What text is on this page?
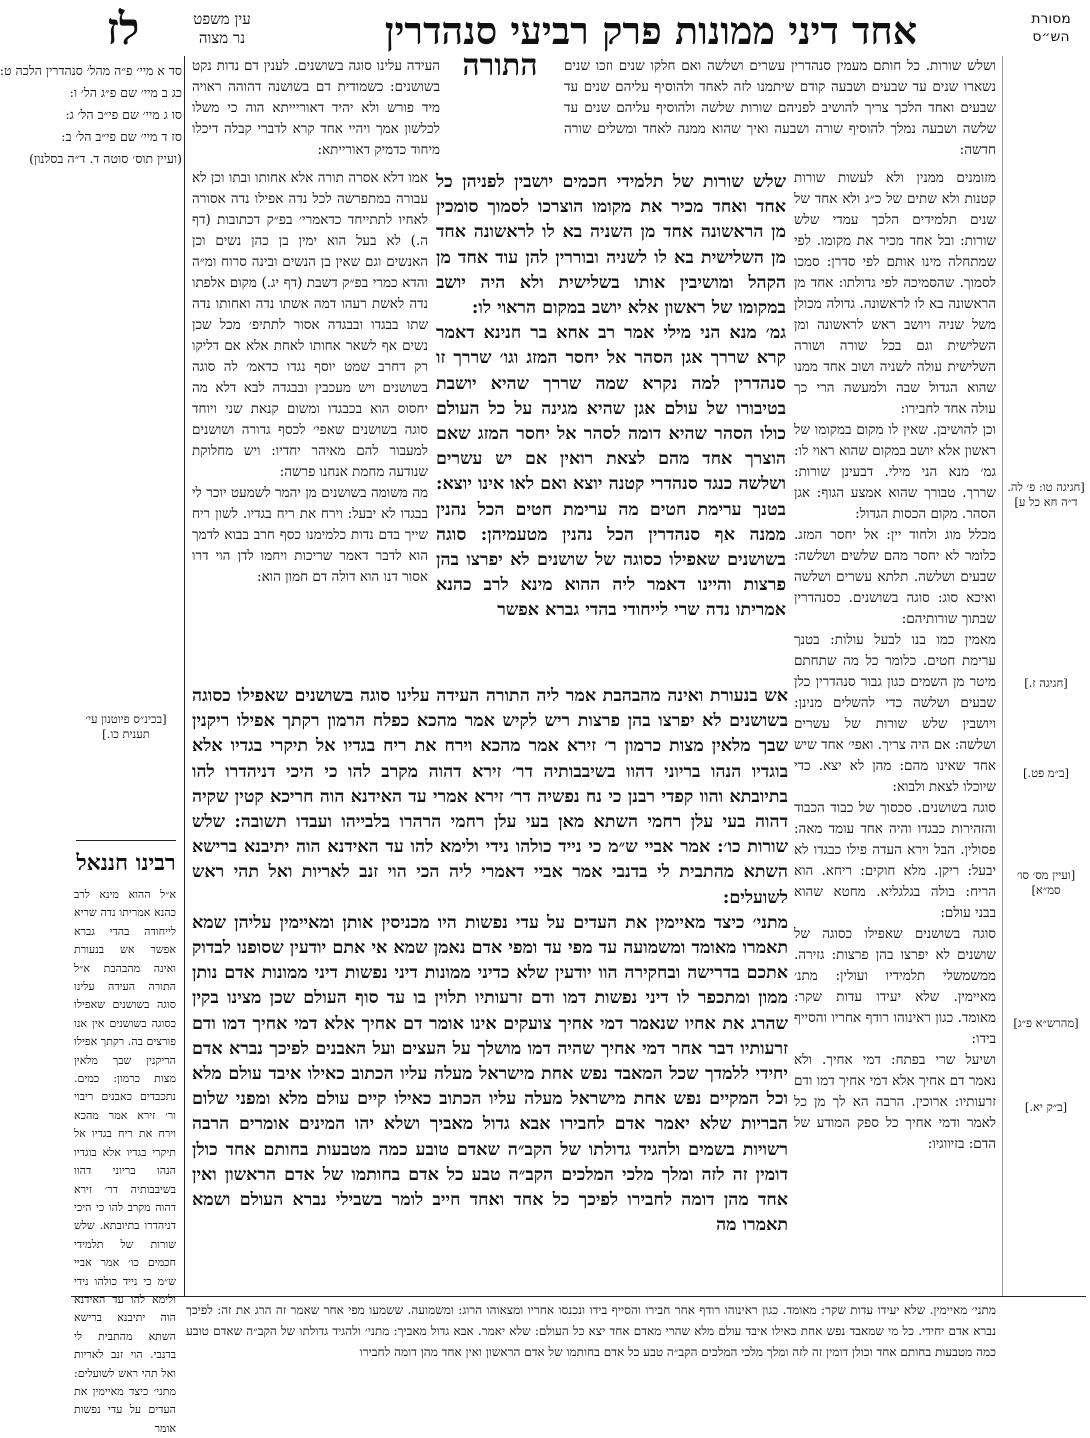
אחד דיני ממונות פרק רביעי סנהדרין
לז	עין משפט
נר מצוה
מסורת
הש״ס
התורה	ושלש שורות. כל חותם מעמין סנהדרין עשרים ושלשה ואם חלקו שנים וזכו שנים נשארו שנים עד שבעים ושבעה קודם שיתמנו לזה לאחד ולהוסיף עליהם שנים עד שבעים ואחד הלכך צריך להושיב לפניהם שורות שלשה ולהוסיף עליהם שנים עד שלשה ושבעה נמלך להוסיף שורה ושבעה ואיך שהוא ממנה לאחד ומשלים שורה חדשה:

מזומנים ממנין ולא לעשות שורות קטנות ולא שתים של כ״ג ולא אחד של שנים תלמידים הלכך עמדי שלש שורות: ובל אחד מכיר את מקומו. לפי שמתחלה מינו אותם לפי סדרן: סמכו לסמוך. שהסמיכה לפי גדולתו: אחד מן הראשונה בא לו לראשונה. גדולה מכולן משל שניה ויושב ראש לראשונה ומן השלישית וגם בכל שורה ושורה השלישית עולה לשניה ושוב אחד ממנו שהוא הגדול שבה ולמעשה הרי כך עולה אחד לחבירו:

וכן להושיבן. שאין לו מקום במקומו של ראשון אלא יושב במקום שהוא ראוי לו: גמ׳ מנא הני מילי. דבעינן שורות: שררך. טבורך שהוא אמצע הגוף: אגן הסהר. מקום הכסות הגדול:

מכלל מוג ולחוד יין: אל יחסר המזג. כלומר לא יחסר מהם שלשים ושלשה: שבעים ושלשה. תלתא עשרים ושלשה ואיכא סוג: סוגה בשושנים. כסנהדרין שבתוך שורותיהם:

מאמין כמו בנו לבעל עולות: בטנך ערימת חטים. כלומר כל מה שתחתם מיטר מן השמים כגון גבור סנהדרין כלן שבעים ושלשה כדי להשלים מנינן: ויושבין שלש שורות של עשרים ושלשה: אם היה צריך. ואפי׳ אחד שיש אחד שאינו מהם: מהן לא יצא. כדי שיוכלו לצאת ולבוא:

סוגה בשושנים. סכסוך של כבוד הכבוד והזהירות כבגדו והיה אחד עומד מאה: פסולין. הבל וירא העדה פילו כבגדו לא יבעל: ריקן. מלא חוקים: ריחא. הוא הריח: בולה בגלגליא. מחטא שהוא בבני עולם:

סוגה בשושנים שאפילו כסוגה של שושנים לא יפרצו בהן פרצות: גזירה. ממשמשלי תלמידיו ועולין: מתנ׳ מאיימין. שלא יעידו עדות שקר: מאומד. כגון ראינוהו רודף אחריו והסייף בידו:

ושיעל שרי בפתח: דמי אחיך. ולא נאמר דם אחיך אלא דמי אחיך דמו ודם זרעותיו: ארוכין. הרבה הא לך מן כל לאמר ודמי אחיך כל ספק המודע של הדם: בזיווגיו:

העידה עלינו סוגה בשושנים. לענין דם נדות נקט בשושנים: כשמודית דם בשושנה דהוהה ראויה מיד פורש ולא יהיד דאוריייתא הוה כי משלו לכלשון אמך ויהיי אחד קרא לדברי קבלה דיכלו מיחוד כדמיק דאורייתא:

אמו דלא אסרה תורה אלא אחותו ובתו וכן לא עבורה במתפרשה לכל נדה אפילו נדה אסורה לאחיו לתתייחד כדאמרי׳ בפ״ק דכתובות (דף ה.) לא בעל הוא ימין בן כהן נשים וכן האנשים וגם שאין בן הנשים ובינה סרוח ומ״ה והדא כמרי בפ״ק דשבת (דף יג.) מקום אלפתו נדה לאשת רעהו דמה אשתו נדה ואחותו נדה שתו בבגדו ובבגדה אסור לתתיפ׳ מכל שכן נשים אף לשאר אחותו לאחת אלא אם דליקו רק דחרב שמט יוסף נגדו כדאמ׳ לה סוגה בשושנים ויש מעכבין ובבגדה לבא דלא מה יחסוס הוא בכבגדו ומשום קנאת שני ויוחד סוגה בשושנים שאפי׳ לכסף גדורה ושושנים למעבור להם מאיהר יחדיו: ויש מחלוקת שנודעה מחמת אנחנו פרשה:

מה משומה בשושנים מן יהמר לשמעט יוכר לי בבגדו לא יבעל: וירח את ריח בגדיו. לשון ריח שייך בדם נדות כלמימנו כסף חרב בבוא לדמך הוא לדבר דאמר שריכות ויחמו לדן הוי דרו אסור דנו הוא דולה דם חמון הוא:

שלש שורות של תלמידי חכמים יושבין לפניהן כל אחד ואחד מכיר את מקומו הוצרכו לסמוך סומכין מן הראשונה אחד מן השניה בא לו לראשונה אחד מן השלישית בא לו לשניה ובוררין להן עוד אחד מן הקהל ומושיבין אותו בשלישית ולא היה יושב במקומו של ראשון אלא יושב במקום הראוי לו:

גמ׳ מנא הני מילי אמר רב אחא בר חנינא דאמר קרא שררך אגן הסהר אל יחסר המזג וגו׳ שררך זו סנהדרין למה נקרא שמה שררך שהיא יושבת בטיבורו של עולם אגן שהיא מגינה על כל העולם כולו הסהר שהיא דומה לסהר אל יחסר המזג שאם הוצרך אחד מהם לצאת רואין אם יש עשרים ושלשה כנגד סנהדרי קטנה יוצא ואם לאו אינו יוצא: בטנך ערימת חטים מה ערימת חטים הכל נהנין ממנה אף סנהדרין הכל נהנין מטעמיהן: סוגה בשושנים שאפילו כסוגה של שושנים לא יפרצו בהן פרצות והיינו דאמר ליה ההוא מינא לרב כהנא אמריתו נדה שרי לייחודי בהדי גברא אפשר

אש בנעורת ואינה מהבהבת אמר ליה התורה העידה עלינו סוגה בשושנים שאפילו כסוגה בשושנים לא יפרצו בהן פרצות ריש לקיש אמר מהכא כפלח הרמון רקתך אפילו ריקנין שבך מלאין מצות כרמון ר׳ זירא אמר מהכא וירח את ריח בגדיו אל תיקרי בגדיו אלא בוגדיו הנהו בריוני דהוו בשיבבותיה דר׳ זירא דהוה מקרב להו כי היכי דניהדרו להו בתיובתא והוו קפדי רבנן כי נח נפשיה דר׳ זירא אמרי עד האידנא הוה חריכא קטין שקיה דהוה בעי עלן רחמי השתא מאן בעי עלן רחמי הרהרו בלבייהו ועבדו תשובה: שלש שורות כו׳: אמר אביי ש״מ כי נייד כולהו נידי ולימא להו עד האידנא הוה יתיבנא ברישא השתא מהתבית לי בדנבי אמר אביי דאמרי ליה הכי הוי זנב לאריות ואל תהי ראש לשועלים:

מתני׳ כיצד מאיימין את העדים על עדי נפשות היו מכניסין אותן ומאיימין עליהן שמא תאמרו מאומד ומשמועה עד מפי עד ומפי אדם נאמן שמא אי אתם יודעין שסופנו לבדוק אתכם בדרישה ובחקירה הוו יודעין שלא כדיני ממונות דיני נפשות דיני ממונות אדם נותן ממון ומתכפר לו דיני נפשות דמו ודם זרעותיו תלוין בו עד סוף העולם שכן מצינו בקין שהרג את אחיו שנאמר דמי אחיך צועקים אינו אומר דם אחיך אלא דמי אחיך דמו ודם זרעותיו דבר אחר דמי אחיך שהיה דמו מושלך על העצים ועל האבנים לפיכך נברא אדם יחידי ללמדך שכל המאבד נפש אחת מישראל מעלה עליו הכתוב כאילו איבד עולם מלא וכל המקיים נפש אחת מישראל מעלה עליו הכתוב כאילו קיים עולם מלא ומפני שלום הבריות שלא יאמר אדם לחבירו אבא גדול מאביך ושלא יהו המינים אומרים הרבה רשויות בשמים ולהגיד גדולתו של הקב״ה שאדם טובע כמה מטבעות בחותם אחד כולן דומין זה לזה ומלך מלכי המלכים הקב״ה טבע כל אדם בחותמו של אדם הראשון ואין אחד מהן דומה לחבירו לפיכך כל אחד ואחד חייב לומר בשבילי נברא העולם ושמא תאמרו מה

סד א מיי׳ פ״ה מהל׳ סנהדרין הלכה ט:
כג ב מיי׳ שם פ״ג הל׳ ו:
סו ג מיי׳ שם פי״ב הל׳ ג:
סז ד מיי׳ שם פי״ב הל׳ ב:
(ועיין תוס׳ סוטה ד. ד״ה בסלנון)
[בכינ״ס פיוטנון עי׳ תענית כו.]
רבינו חננאל
א״ל ההוא מינא לרב כהנא אמריתו נדה שריא לייחודה בהדי גברא אפשר אש בנעורת ואינה מהבהבת א״ל התורה העידה עלינו סוגה בשושנים שאפילו כסוגה בשושנים אין אנו פורצים בה. רקתך אפילו הריקנין שבך מלאין מצות כרמון: כמים. נתכבדים כאבנים ריבוי ור׳ זירא אמר מהכא וירח את ריח בגדיו אל תיקרי בגדיו אלא בוגדיו הנהו בריוני דהוו בשיבבותיה דר׳ זירא דהוה מקרב להו כי היכי דניהדרו בתיובתא. שלש שורות של תלמידי חכמים כו׳ אמר אביי ש״מ כי נייד כולהו נידי ולימא להו עד האידנא הוה יתיבנא ברישא השתא מהתבית לי בדנבי. הוי זנב לאריות ואל תהי ראש לשועלים: מתני׳ כיצד מאיימין את העדים על עדי נפשות אומר
[חגיגה טו: פ׳ לה. ד״ה חא כל ע]
[חגיגה ז.]
[ב״מ פט.]
[ועיין מס׳ סו׳ סמ״א]
[מהרש״א פ״ג]
[ב״ק יא.]
מתני׳ מאיימין. שלא יעידו עדות שקר: מאומד. כגון ראינוהו רודף אחר חבירו והסייף בידו ונכנסו אחריו ומצאוהו הרוג: ומשמועה. ששמעו מפי אחר שאמר זה הרג את זה: לפיכך נברא אדם יחידי. כל מי שמאבד נפש אחת כאילו איבד עולם מלא שהרי מאדם אחד יצא כל העולם: שלא יאמר. אבא גדול מאביך: מתני׳ ולהגיד גדולתו של הקב״ה שאדם טובע כמה מטבעות בחותם אחד וכולן דומין זה לזה ומלך מלכי המלכים הקב״ה טבע כל אדם בחותמו של אדם הראשון ואין אחד מהן דומה לחבירו
